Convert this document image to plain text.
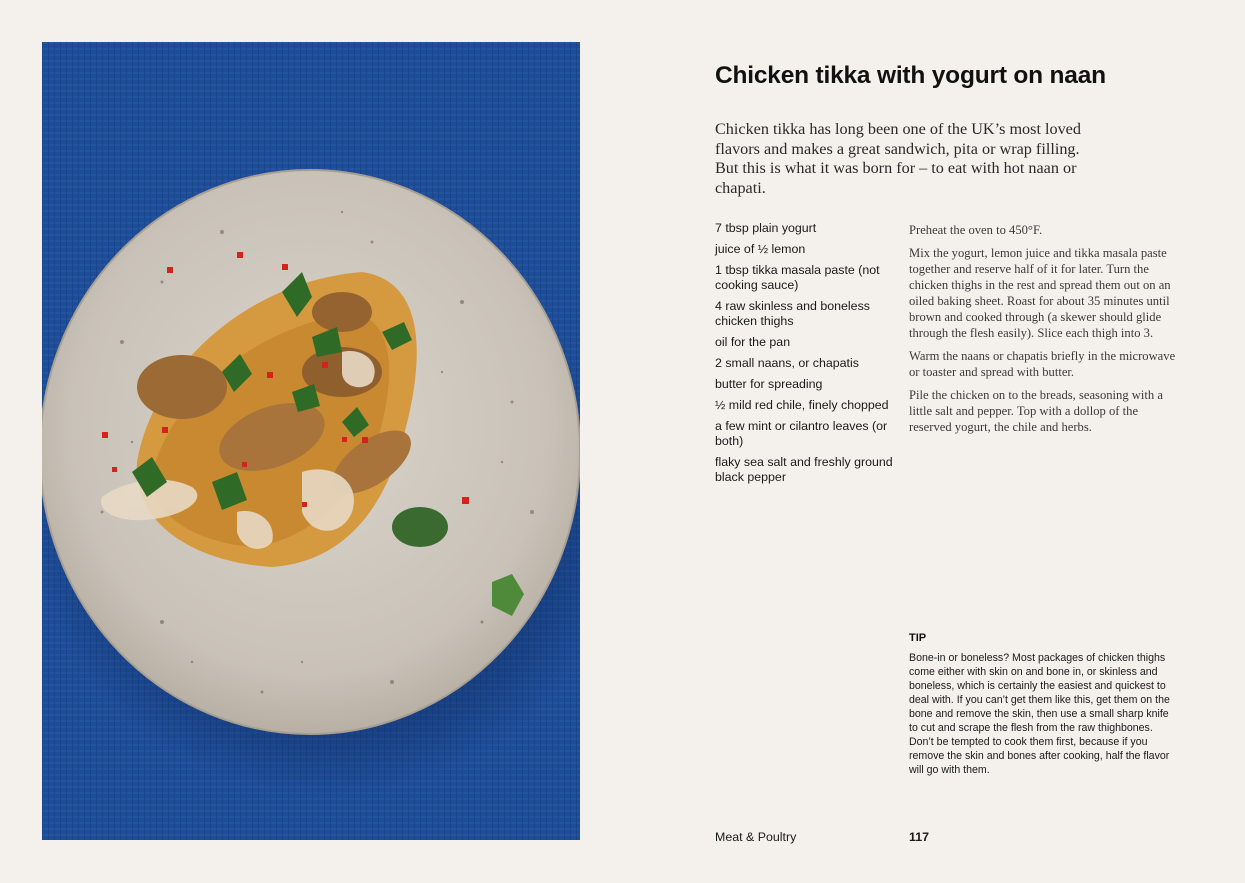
Chicken tikka with yogurt on naan
Chicken tikka has long been one of the UK’s most loved flavors and makes a great sandwich, pita or wrap filling. But this is what it was born for – to eat with hot naan or chapati.
7 tbsp plain yogurt
juice of ½ lemon
1 tbsp tikka masala paste (not cooking sauce)
4 raw skinless and boneless chicken thighs
oil for the pan
2 small naans, or chapatis
butter for spreading
½ mild red chile, finely chopped
a few mint or cilantro leaves (or both)
flaky sea salt and freshly ground black pepper

Preheat the oven to 450°F.

Mix the yogurt, lemon juice and tikka masala paste together and reserve half of it for later. Turn the chicken thighs in the rest and spread them out on an oiled baking sheet. Roast for about 35 minutes until brown and cooked through (a skewer should glide through the flesh easily). Slice each thigh into 3.

Warm the naans or chapatis briefly in the microwave or toaster and spread with butter.

Pile the chicken on to the breads, seasoning with a little salt and pepper. Top with a dollop of the reserved yogurt, the chile and herbs.

TIP
Bone-in or boneless? Most packages of chicken thighs come either with skin on and bone in, or skinless and boneless, which is certainly the easiest and quickest to deal with. If you can’t get them like this, get them on the bone and remove the skin, then use a small sharp knife to cut and scrape the flesh from the raw thighbones. Don’t be tempted to cook them first, because if you remove the skin and bones after cooking, half the flavor will go with them.
Meat & Poultry	117
